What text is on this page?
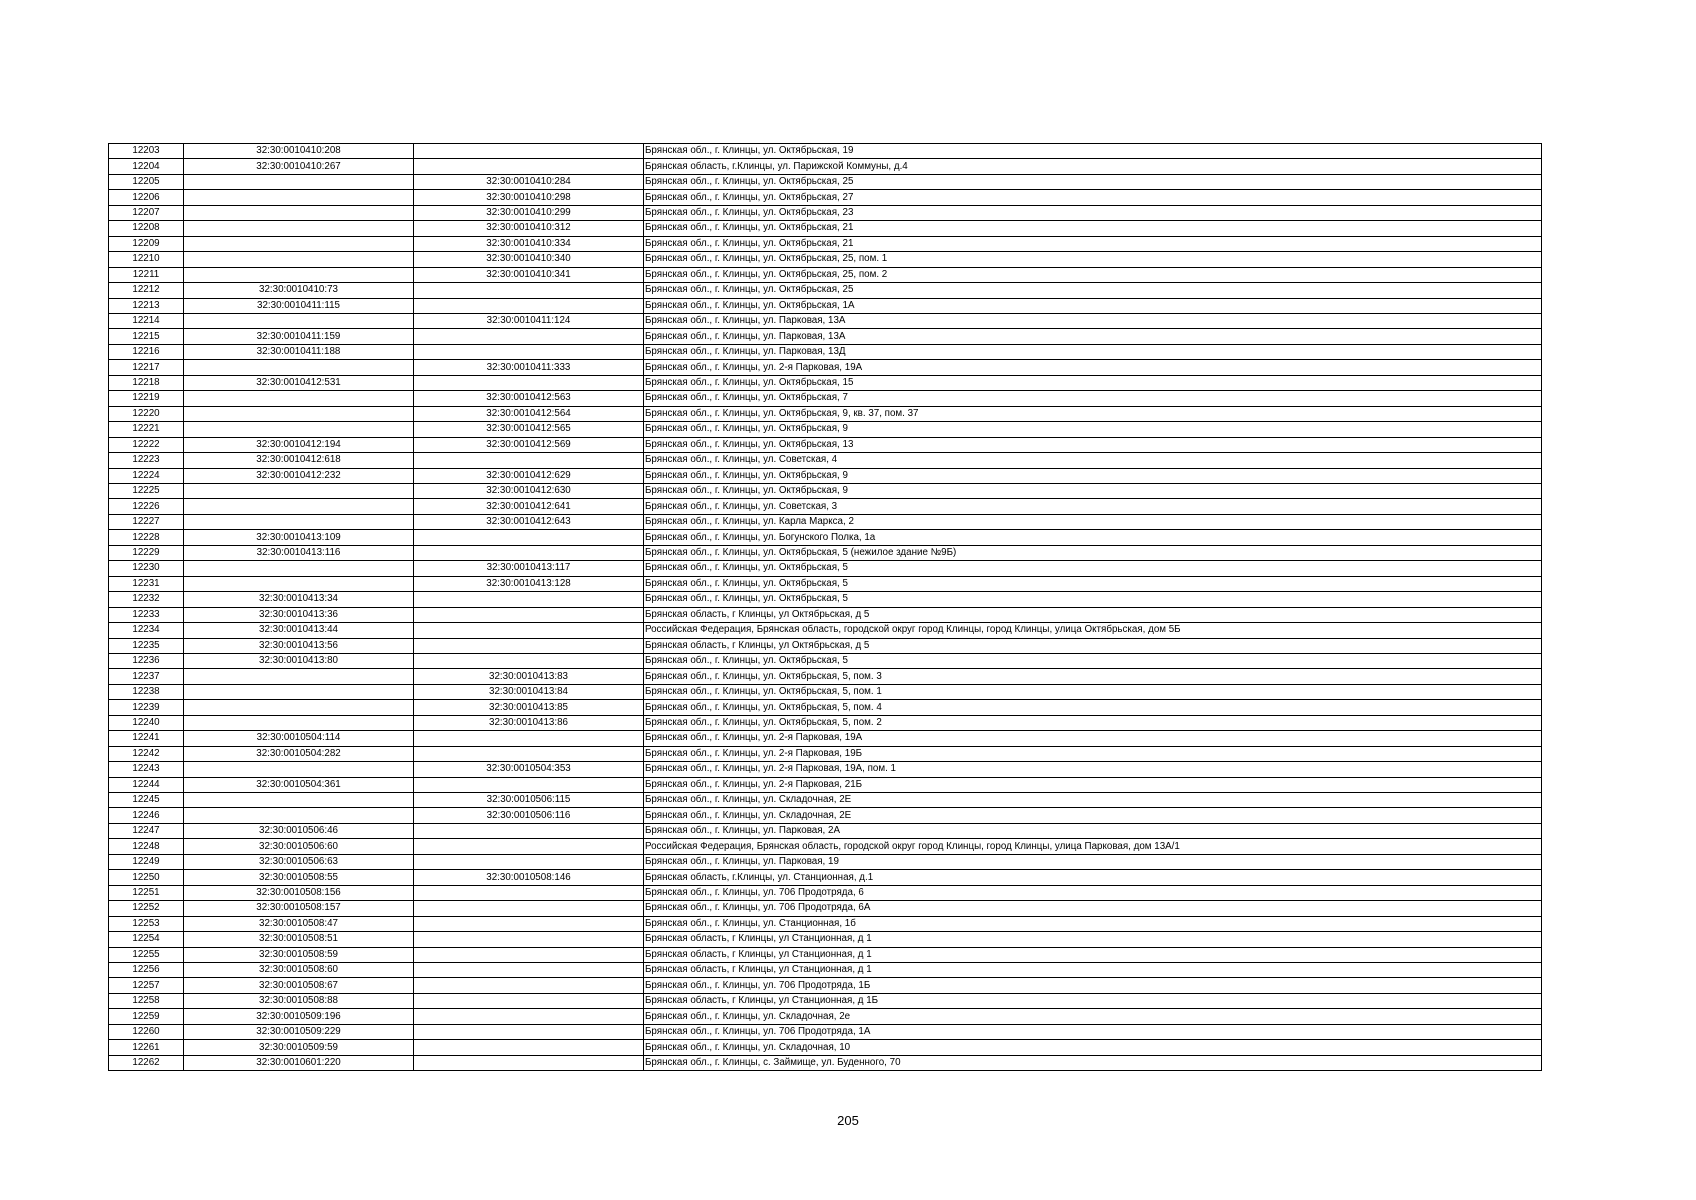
12203	32:30:0010410:208		Брянская обл., г. Клинцы, ул. Октябрьская, 19
12204	32:30:0010410:267		Брянская область, г.Клинцы, ул. Парижской Коммуны, д.4
12205		32:30:0010410:284	Брянская обл., г. Клинцы, ул. Октябрьская, 25
12206		32:30:0010410:298	Брянская обл., г. Клинцы, ул. Октябрьская, 27
12207		32:30:0010410:299	Брянская обл., г. Клинцы, ул. Октябрьская, 23
12208		32:30:0010410:312	Брянская обл., г. Клинцы, ул. Октябрьская, 21
12209		32:30:0010410:334	Брянская обл., г. Клинцы, ул. Октябрьская, 21
12210		32:30:0010410:340	Брянская обл., г. Клинцы, ул. Октябрьская, 25, пом. 1
12211		32:30:0010410:341	Брянская обл., г. Клинцы, ул. Октябрьская, 25, пом. 2
12212	32:30:0010410:73		Брянская обл., г. Клинцы, ул. Октябрьская, 25
12213	32:30:0010411:115		Брянская обл., г. Клинцы, ул. Октябрьская, 1А
12214		32:30:0010411:124	Брянская обл., г. Клинцы, ул. Парковая, 13А
12215	32:30:0010411:159		Брянская обл., г. Клинцы, ул. Парковая, 13А
12216	32:30:0010411:188		Брянская обл., г. Клинцы, ул. Парковая, 13Д
12217		32:30:0010411:333	Брянская обл., г. Клинцы, ул. 2-я Парковая, 19А
12218	32:30:0010412:531		Брянская обл., г. Клинцы, ул. Октябрьская, 15
12219		32:30:0010412:563	Брянская обл., г. Клинцы, ул. Октябрьская, 7
12220		32:30:0010412:564	Брянская обл., г. Клинцы, ул. Октябрьская, 9, кв. 37, пом. 37
12221		32:30:0010412:565	Брянская обл., г. Клинцы, ул. Октябрьская, 9
12222	32:30:0010412:194	32:30:0010412:569	Брянская обл., г. Клинцы, ул. Октябрьская, 13
12223	32:30:0010412:618		Брянская обл., г. Клинцы, ул. Советская, 4
12224	32:30:0010412:232	32:30:0010412:629	Брянская обл., г. Клинцы, ул. Октябрьская, 9
12225		32:30:0010412:630	Брянская обл., г. Клинцы, ул. Октябрьская, 9
12226		32:30:0010412:641	Брянская обл., г. Клинцы, ул. Советская, 3
12227		32:30:0010412:643	Брянская обл., г. Клинцы, ул. Карла Маркса, 2
12228	32:30:0010413:109		Брянская обл., г. Клинцы, ул. Богунского Полка, 1а
12229	32:30:0010413:116		Брянская обл., г. Клинцы, ул. Октябрьская, 5 (нежилое здание №9Б)
12230		32:30:0010413:117	Брянская обл., г. Клинцы, ул. Октябрьская, 5
12231		32:30:0010413:128	Брянская обл., г. Клинцы, ул. Октябрьская, 5
12232	32:30:0010413:34		Брянская обл., г. Клинцы, ул. Октябрьская, 5
12233	32:30:0010413:36		Брянская область, г Клинцы, ул Октябрьская, д 5
12234	32:30:0010413:44		Российская Федерация, Брянская область, городской округ город Клинцы, город Клинцы, улица Октябрьская, дом 5Б
12235	32:30:0010413:56		Брянская область, г Клинцы, ул Октябрьская, д 5
12236	32:30:0010413:80		Брянская обл., г. Клинцы, ул. Октябрьская, 5
12237		32:30:0010413:83	Брянская обл., г. Клинцы, ул. Октябрьская, 5, пом. 3
12238		32:30:0010413:84	Брянская обл., г. Клинцы, ул. Октябрьская, 5, пом. 1
12239		32:30:0010413:85	Брянская обл., г. Клинцы, ул. Октябрьская, 5, пом. 4
12240		32:30:0010413:86	Брянская обл., г. Клинцы, ул. Октябрьская, 5, пом. 2
12241	32:30:0010504:114		Брянская обл., г. Клинцы, ул. 2-я Парковая, 19А
12242	32:30:0010504:282		Брянская обл., г. Клинцы, ул. 2-я Парковая, 19Б
12243		32:30:0010504:353	Брянская обл., г. Клинцы, ул. 2-я Парковая, 19А, пом. 1
12244	32:30:0010504:361		Брянская обл., г. Клинцы, ул. 2-я Парковая, 21Б
12245		32:30:0010506:115	Брянская обл., г. Клинцы, ул. Складочная, 2Е
12246		32:30:0010506:116	Брянская обл., г. Клинцы, ул. Складочная, 2Е
12247	32:30:0010506:46		Брянская обл., г. Клинцы, ул. Парковая, 2А
12248	32:30:0010506:60		Российская Федерация, Брянская область, городской округ город Клинцы, город Клинцы, улица Парковая, дом 13А/1
12249	32:30:0010506:63		Брянская обл., г. Клинцы, ул. Парковая, 19
12250	32:30:0010508:55	32:30:0010508:146	Брянская область, г.Клинцы, ул. Станционная, д.1
12251	32:30:0010508:156		Брянская обл., г. Клинцы, ул. 706 Продотряда, 6
12252	32:30:0010508:157		Брянская обл., г. Клинцы, ул. 706 Продотряда, 6А
12253	32:30:0010508:47		Брянская обл., г. Клинцы, ул. Станционная, 1б
12254	32:30:0010508:51		Брянская область, г Клинцы, ул Станционная, д 1
12255	32:30:0010508:59		Брянская область, г Клинцы, ул Станционная, д 1
12256	32:30:0010508:60		Брянская область, г Клинцы, ул Станционная, д 1
12257	32:30:0010508:67		Брянская обл., г. Клинцы, ул. 706 Продотряда, 1Б
12258	32:30:0010508:88		Брянская область, г Клинцы, ул Станционная, д 1Б
12259	32:30:0010509:196		Брянская обл., г. Клинцы, ул. Складочная, 2е
12260	32:30:0010509:229		Брянская обл., г. Клинцы, ул. 706 Продотряда, 1А
12261	32:30:0010509:59		Брянская обл., г. Клинцы, ул. Складочная, 10
12262	32:30:0010601:220		Брянская обл., г. Клинцы, с. Займище, ул. Буденного, 70
205
